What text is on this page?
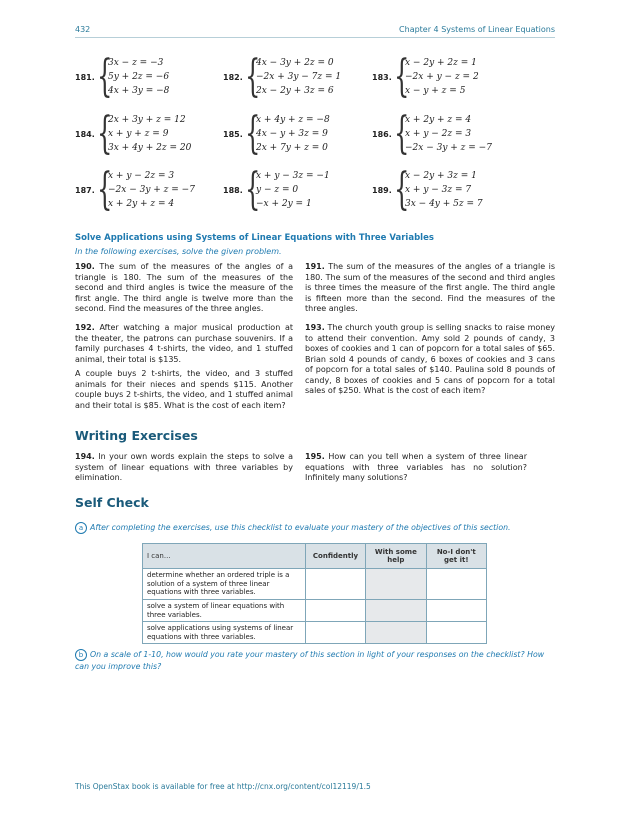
432	Chapter 4 Systems of Linear Equations
181. {
3x − z = −3
5y + 2z = −6
4x + 3y = −8
182. {
4x − 3y + 2z = 0
−2x + 3y − 7z = 1
2x − 2y + 3z = 6
183. {
x − 2y + 2z = 1
−2x + y − z = 2
x − y + z = 5
184. {
2x + 3y + z = 12
x + y + z = 9
3x + 4y + 2z = 20
185. {
x + 4y + z = −8
4x − y + 3z = 9
2x + 7y + z = 0
186. {
x + 2y + z = 4
x + y − 2z = 3
−2x − 3y + z = −7
187. {
x + y − 2z = 3
−2x − 3y + z = −7
x + 2y + z = 4
188. {
x + y − 3z = −1
y − z = 0
−x + 2y = 1
189. {
x − 2y + 3z = 1
x + y − 3z = 7
3x − 4y + 5z = 7
Solve Applications using Systems of Linear Equations with Three Variables
In the following exercises, solve the given problem.
190. The sum of the measures of the angles of a triangle is 180. The sum of the measures of the second and third angles is twice the measure of the first angle. The third angle is twelve more than the second. Find the measures of the three angles.
191. The sum of the measures of the angles of a triangle is 180. The sum of the measures of the second and third angles is three times the measure of the first angle. The third angle is fifteen more than the second. Find the measures of the three angles.
192. After watching a major musical production at the theater, the patrons can purchase souvenirs. If a family purchases 4 t-shirts, the video, and 1 stuffed animal, their total is $135.
A couple buys 2 t-shirts, the video, and 3 stuffed animals for their nieces and spends $115. Another couple buys 2 t-shirts, the video, and 1 stuffed animal and their total is $85. What is the cost of each item?
193. The church youth group is selling snacks to raise money to attend their convention. Amy sold 2 pounds of candy, 3 boxes of cookies and 1 can of popcorn for a total sales of $65. Brian sold 4 pounds of candy, 6 boxes of cookies and 3 cans of popcorn for a total sales of $140. Paulina sold 8 pounds of candy, 8 boxes of cookies and 5 cans of popcorn for a total sales of $250. What is the cost of each item?
Writing Exercises
194. In your own words explain the steps to solve a system of linear equations with three variables by elimination.
195. How can you tell when a system of three linear equations with three variables has no solution? Infinitely many solutions?
Self Check
a After completing the exercises, use this checklist to evaluate your mastery of the objectives of this section.
I can...	Confidently	With some help	No-I don't get it!
determine whether an ordered triple is a solution of a system of three linear equations with three variables.			
solve a system of linear equations with three variables.			
solve applications using systems of linear equations with three variables.			
b On a scale of 1-10, how would you rate your mastery of this section in light of your responses on the checklist? How can you improve this?
This OpenStax book is available for free at http://cnx.org/content/col12119/1.5
